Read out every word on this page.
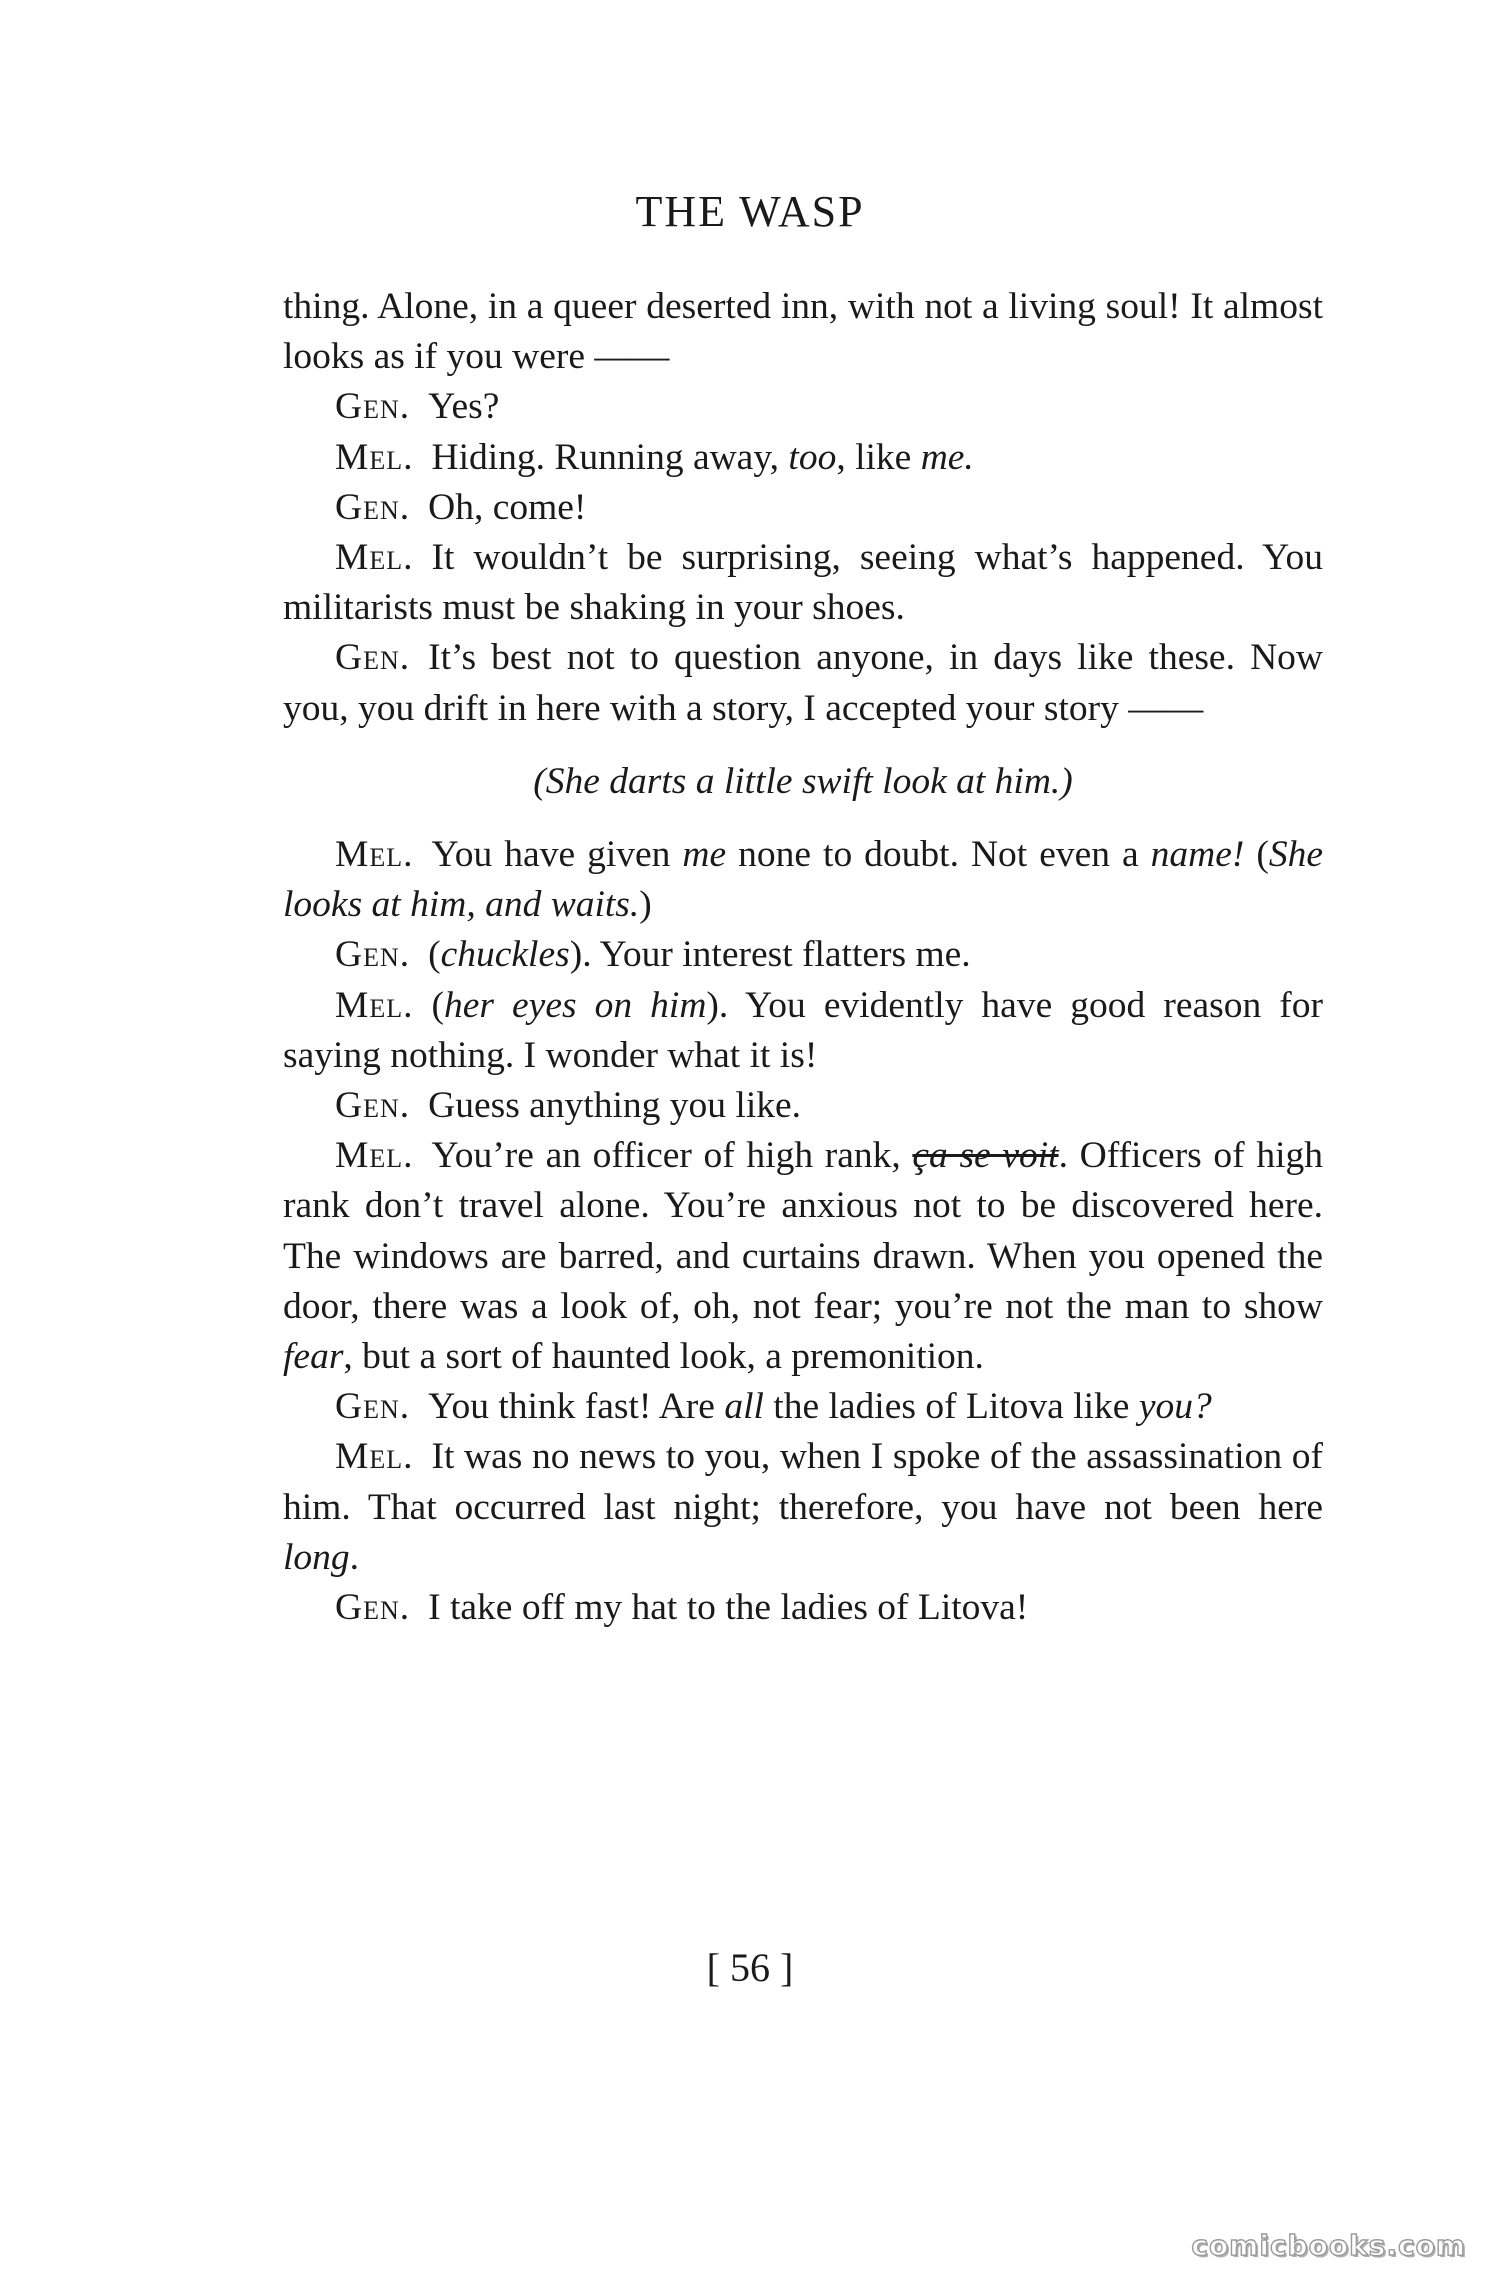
THE WASP

thing. Alone, in a queer deserted inn, with not a living soul! It almost looks as if you were ——

Gen. Yes?

Mel. Hiding. Running away, too, like me.

Gen. Oh, come!

Mel. It wouldn’t be surprising, seeing what’s happened. You militarists must be shaking in your shoes.

Gen. It’s best not to question anyone, in days like these. Now you, you drift in here with a story, I accepted your story ——

(She darts a little swift look at him.)

Mel. You have given me none to doubt. Not even a name! (She looks at him, and waits.)

Gen. (chuckles). Your interest flatters me.

Mel. (her eyes on him). You evidently have good reason for saying nothing. I wonder what it is!

Gen. Guess anything you like.

Mel. You’re an officer of high rank, ça se voit. Officers of high rank don’t travel alone. You’re anxious not to be discovered here. The windows are barred, and curtains drawn. When you opened the door, there was a look of, oh, not fear; you’re not the man to show fear, but a sort of haunted look, a premonition.

Gen. You think fast! Are all the ladies of Litova like you?

Mel. It was no news to you, when I spoke of the assassination of him. That occurred last night; therefore, you have not been here long.

Gen. I take off my hat to the ladies of Litova!

[ 56 ]
comicbooks.com
